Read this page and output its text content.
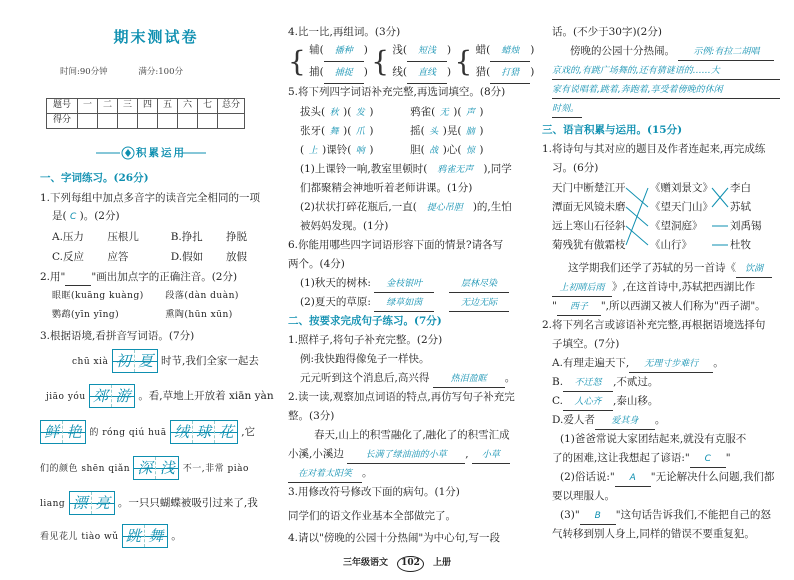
期末测试卷
时间:90分钟	满分:100分
题号	一	二	三	四	五	六	七	总分
得分								
积累运用
一、字词练习。(26分)
1.下列每组中加点多音字的读音完全相同的一项
是( C )。(2分)
A.压力 压根儿	B.挣扎 挣脱
C.反应 应答	D.假如 放假
2.用" "画出加点字的正确注音。(2分)
眼眶(kuāng kuàng) 段落(dàn duàn)
鹦鹉(yīn yīng)	熏陶(hūn xūn)
3.根据语境,看拼音写词语。(7分)
chū xià 初 夏 时节,我们全家一起去
jiāo yóu 郊 游 。看,草地上开放着 xiān yàn
鲜 艳 的 róng qiú huā 绒 球 花 ,它
们的颜色 shēn qiǎn 深 浅 不一,非常 piào
liang 漂 亮 。一只只蝴蝶被吸引过来了,我
看见花儿 tiào wǔ 跳 舞 。
4.比一比,再组词。(3分)
{ 辅( 播种 )
捕( 捕捉 ) { 浅( 短浅 )
线( 直线 ) { 蜡( 蜡烛 )
猎( 打猎 )
5.将下列四字词语补充完整,再选词填空。(8分)
拔头( 秋 )( 发 )	鸦雀( 无 )( 声 )
张牙( 舞 )( 爪 )	摇( 头 )晃( 脑 )
( 上 )课铃( 响 )	胆( 战 )心( 惊 )
(1)上课铃一响,教室里顿时( 鸦雀无声 ),同学
们都聚精会神地听着老师讲课。(1分)
(2)状状打碎花瓶后,一直( 提心吊胆 )的,生怕
被妈妈发现。(1分)
6.你能用哪些四字词语形容下面的情景?请各写
两个。(4分)
(1)秋天的树林: 金枝银叶	层林尽染
(2)夏天的草原: 绿草如茵	无边无际
二、按要求完成句子练习。(7分)
1.照样子,将句子补充完整。(2分)
例:我快跑得像兔子一样快。
元元听到这个消息后,高兴得 热泪盈眶 。
2.读一读,观察加点词语的特点,再仿写句子补充完
整。(3分)
春天,山上的积雪融化了,融化了的积雪汇成
小溪,小溪边 长满了绿油油的小草 , 小草
在对着太阳笑 。
3.用修改符号修改下面的病句。(1分)
同学们的语文作业基本全部做完了。
4.请以"傍晚的公园十分热闹"为中心句,写一段
话。(不少于30字)(2分)
傍晚的公园十分热闹。 示例:有拉二胡唱
京戏的,有跳广场舞的,还有猜谜语的……大
家有说唱着,跳着,奔跑着,享受着傍晚的休闲
时刻。
三、语言积累与运用。(15分)
1.将诗句与其对应的题目及作者连起来,再完成练
习。(6分)
天门中断楚江开
潭面无风镜未磨
远上寒山石径斜
菊残犹有傲霜枝
《赠刘景文》
《望天门山》
《望洞庭》
《山行》
李白
苏轼
刘禹锡
杜牧
这学期我们还学了苏轼的另一首诗《 饮湖
上初晴后雨 》,在这首诗中,苏轼把西湖比作
" 西子 ",所以西湖又被人们称为"西子湖"。
2.将下列名言或谚语补充完整,再根据语境选择句
子填空。(7分)
A.有理走遍天下, 无理寸步难行 。
B. 不迁怒 ,不贰过。
C. 人心齐 ,泰山移。
D.爱人者 爱其身 。
(1)爸爸常说大家团结起来,就没有克服不
了的困难,这让我想起了谚语:" C "
(2)俗话说:" A "无论解决什么问题,我们都
要以理服人。
(3)" B "这句话告诉我们,不能把自己的怒
气转移到别人身上,同样的错误不要重复犯。
三年级语文 102 上册
